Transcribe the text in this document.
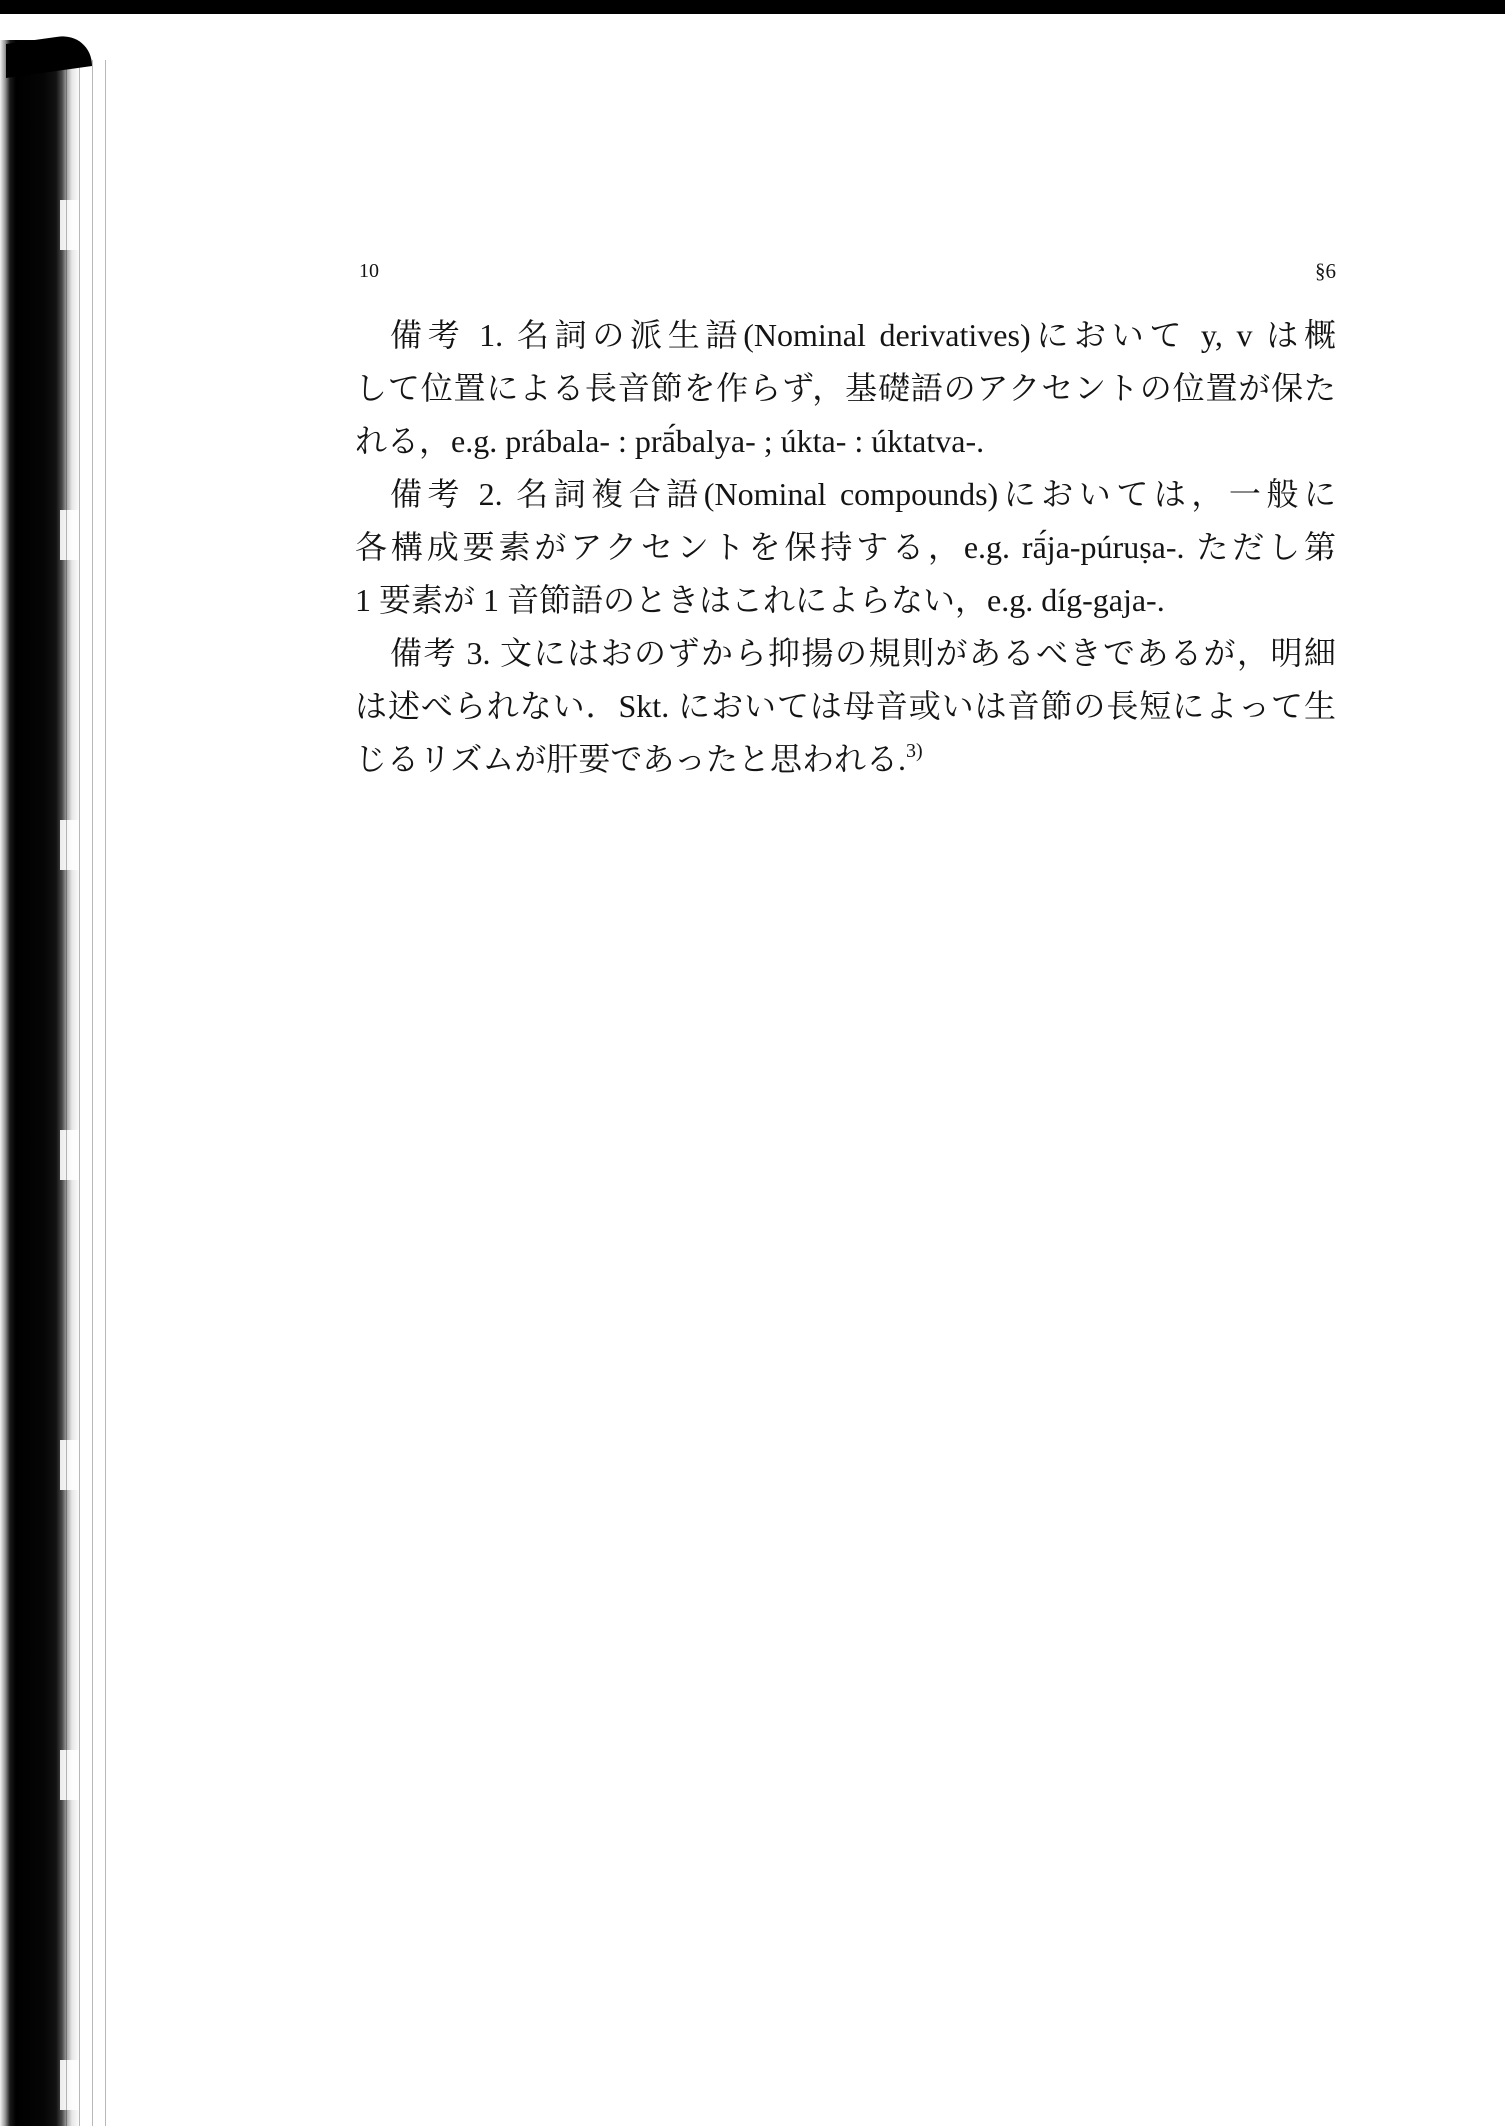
10	§6
備考 1. 名詞の派生語(Nominal derivatives)において y, v は概
して位置による長音節を作らず，基礎語のアクセントの位置が保た
れる，e.g. prábala- : prā́balya- ; úkta- : úktatva-.
備考 2. 名詞複合語(Nominal compounds)においては，一般に
各構成要素がアクセントを保持する，e.g. rā́ja-púruṣa-. ただし第
1 要素が 1 音節語のときはこれによらない，e.g. díg-gaja-.
備考 3. 文にはおのずから抑揚の規則があるべきであるが，明細
は述べられない．Skt. においては母音或いは音節の長短によって生
じるリズムが肝要であったと思われる.$^{3)}$
